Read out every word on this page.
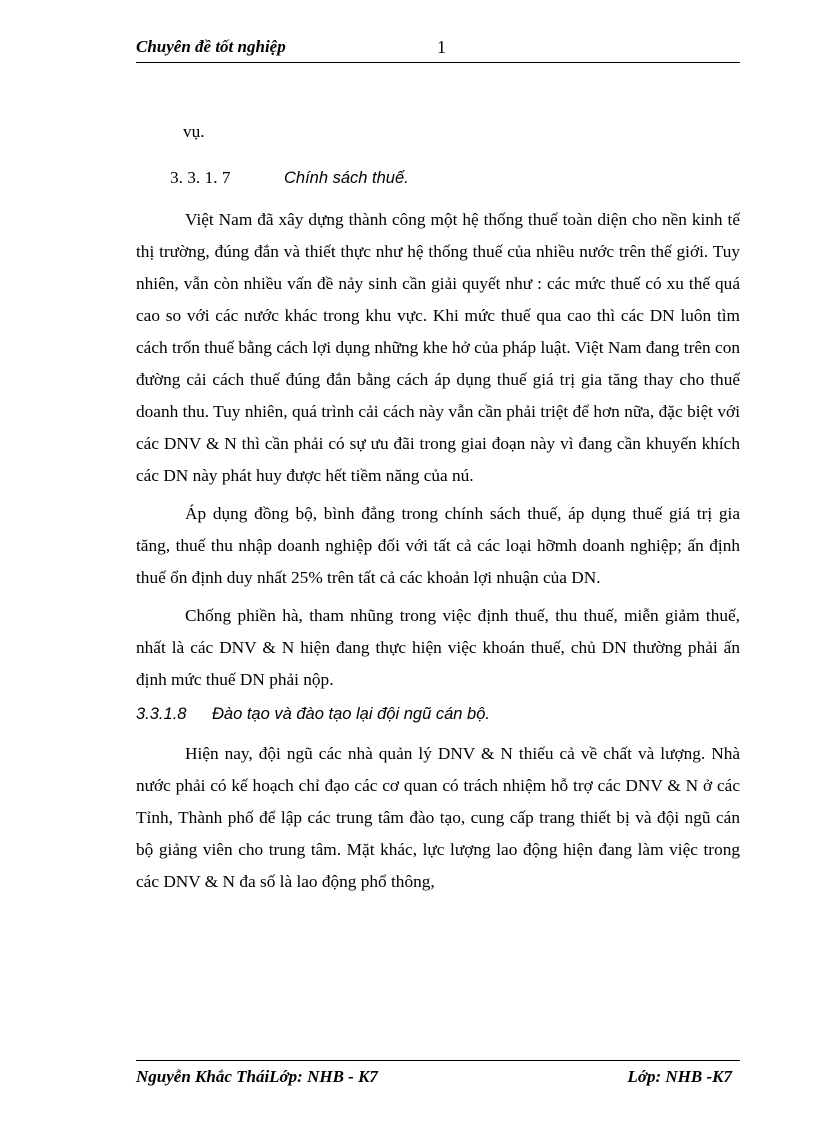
Chuyên đề tốt nghiệp	1

vụ.

3. 3. 1. 7	Chính sách thuế.

Việt Nam đã xây dựng thành công một hệ thống thuế toàn diện cho nền kinh tế thị trường, đúng đắn và thiết thực như hệ thống thuế của nhiều nước trên thế giới. Tuy nhiên, vẫn còn nhiều vấn đề nảy sinh cần giải quyết như : các mức thuế có xu thế quá cao so với các nước khác trong khu vực. Khi mức thuế qua cao thì các DN luôn tìm cách trốn thuế bằng cách lợi dụng những khe hở của pháp luật. Việt Nam đang trên con đường cải cách thuế đúng đắn bằng cách áp dụng thuế giá trị gia tăng thay cho thuế doanh thu. Tuy nhiên, quá trình cải cách này vẫn cần phải triệt để hơn nữa, đặc biệt với các DNV & N thì cần phải có sự ưu đãi trong giai đoạn này vì đang cần khuyến khích các DN này phát huy được hết tiềm năng của nú.

Áp dụng đồng bộ, bình đẳng trong chính sách thuế, áp dụng thuế giá trị gia tăng, thuế thu nhập doanh nghiệp đối với tất cả các loại hỡmh doanh nghiệp; ấn định thuế ổn định duy nhất 25% trên tất cả các khoản lợi nhuận của DN.

Chống phiền hà, tham nhũng trong việc định thuế, thu thuế, miễn giảm thuế, nhất là các DNV & N hiện đang thực hiện việc khoán thuế, chủ DN thường phải ấn định mức thuế DN phải nộp.

3.3.1.8 Đào tạo và đào tạo lại đội ngũ cán bộ.

Hiện nay, đội ngũ các nhà quản lý DNV & N thiếu cả về chất và lượng. Nhà nước phải có kế hoạch chỉ đạo các cơ quan có trách nhiệm hỗ trợ các DNV & N ở các Tỉnh, Thành phố để lập các trung tâm đào tạo, cung cấp trang thiết bị và đội ngũ cán bộ giảng viên cho trung tâm. Mặt khác, lực lượng lao động hiện đang làm việc trong các DNV & N đa số là lao động phổ thông,

Nguyễn Khắc TháiLớp: NHB - K7	Lớp: NHB -K7
